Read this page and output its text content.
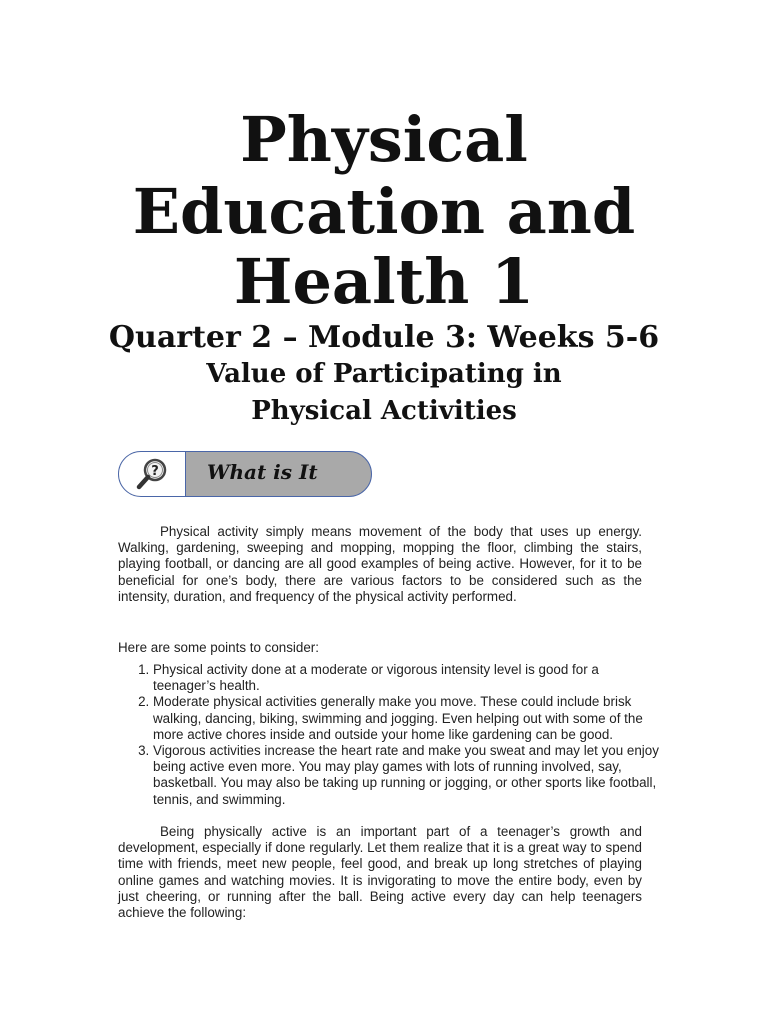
Physical
Education and
Health 1
Quarter 2 – Module 3: Weeks 5-6
Value of Participating in
Physical Activities
? What is It

Physical activity simply means movement of the body that uses up energy. Walking, gardening, sweeping and mopping, mopping the floor, climbing the stairs, playing football, or dancing are all good examples of being active. However, for it to be beneficial for one’s body, there are various factors to be considered such as the intensity, duration, and frequency of the physical activity performed.

Here are some points to consider:

1. Physical activity done at a moderate or vigorous intensity level is good for a teenager’s health.
2. Moderate physical activities generally make you move. These could include brisk walking, dancing, biking, swimming and jogging. Even helping out with some of the more active chores inside and outside your home like gardening can be good.
3. Vigorous activities increase the heart rate and make you sweat and may let you enjoy being active even more. You may play games with lots of running involved, say, basketball. You may also be taking up running or jogging, or other sports like football, tennis, and swimming.

Being physically active is an important part of a teenager’s growth and development, especially if done regularly. Let them realize that it is a great way to spend time with friends, meet new people, feel good, and break up long stretches of playing online games and watching movies. It is invigorating to move the entire body, even by just cheering, or running after the ball. Being active every day can help teenagers achieve the following:
